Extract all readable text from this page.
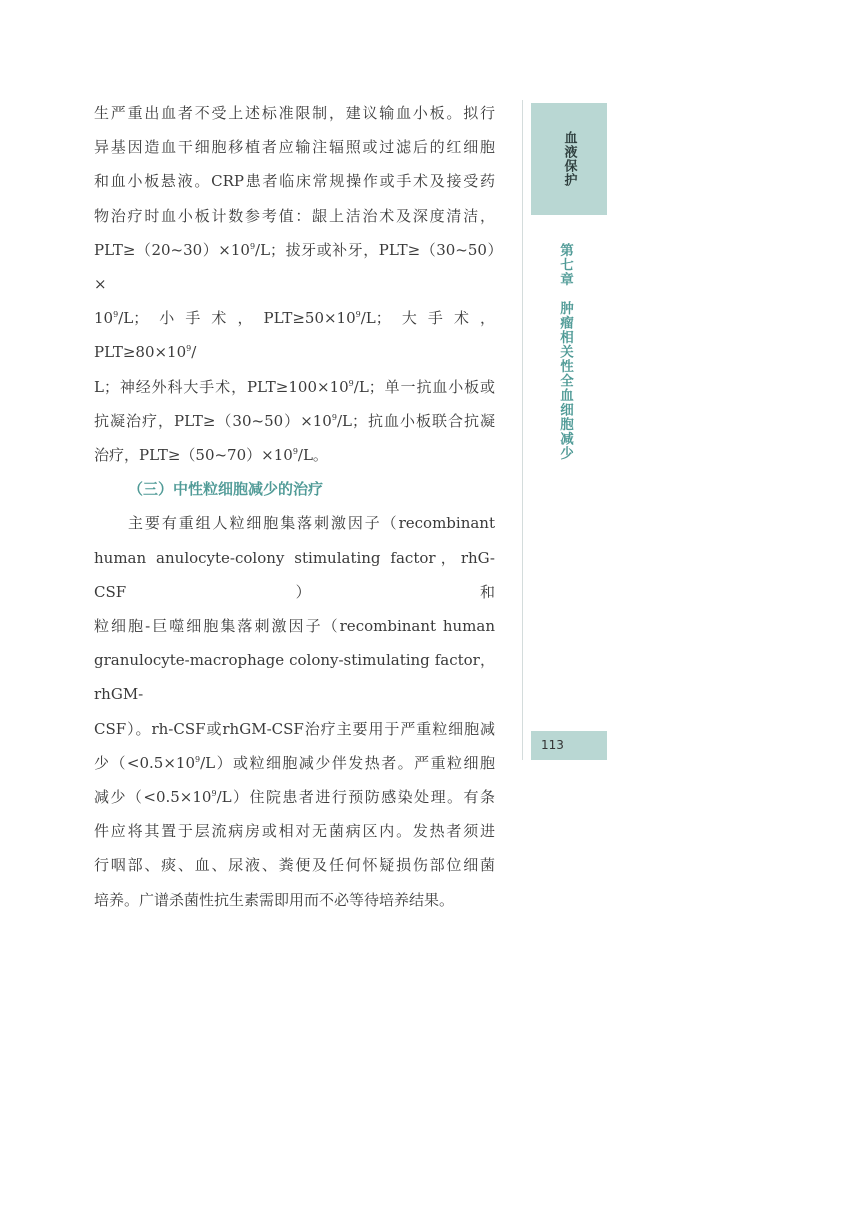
生严重出血者不受上述标准限制，建议输血小板。拟行

异基因造血干细胞移植者应输注辐照或过滤后的红细胞

和血小板悬液。CRP患者临床常规操作或手术及接受药

物治疗时血小板计数参考值：龈上洁治术及深度清洁，

$PLT\ge(20\sim 30)\times 10^9/L$；拔牙或补牙，PLT≥（30~50）×

$10^9/L$；小手术，$PLT\ge 50\times 10^9/L$；大手术，$PLT\ge 80\times 10^9/$

L；神经外科大手术，$PLT\ge 100\times 10^9/L$；单一抗血小板或

抗凝治疗，$PLT\ge(30\sim 50)\times 10^9/L$；抗血小板联合抗凝

治疗，$PLT\ge(50\sim 70)\times 10^9/L$。

（三）中性粒细胞减少的治疗

主要有重组人粒细胞集落刺激因子（recombinant

human anulocyte-colony stimulating factor，rhG-CSF）和

粒细胞-巨噬细胞集落刺激因子（recombinant human

granulocyte-macrophage colony-stimulating factor，rhGM-

CSF）。rh-CSF或rhGM-CSF治疗主要用于严重粒细胞减

少$(<0.5\times 10^9/L)$或粒细胞减少伴发热者。严重粒细胞

减少$(<0.5\times 10^9/L)$住院患者进行预防感染处理。有条

件应将其置于层流病房或相对无菌病区内。发热者须进

行咽部、痰、血、尿液、粪便及任何怀疑损伤部位细菌

培养。广谱杀菌性抗生素需即用而不必等待培养结果。

血液保护
第七章　肿瘤相关性全血细胞减少
113
